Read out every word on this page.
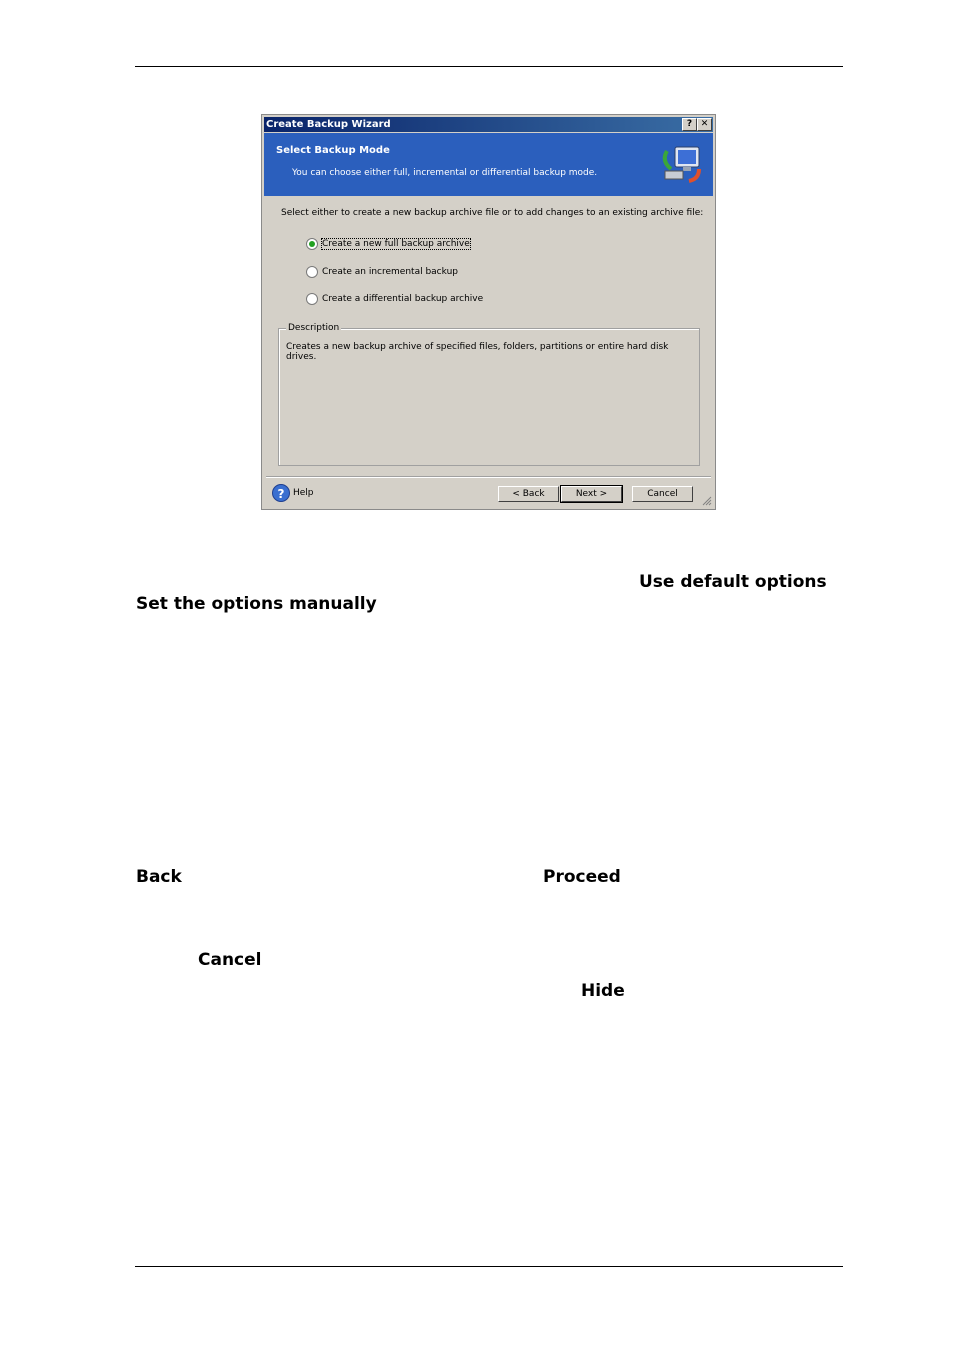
Create Backup Wizard	? ✕
Select Backup Mode
You can choose either full, incremental or differential backup mode.
Select either to create a new backup archive file or to add changes to an existing archive file:
Create a new full backup archive
Create an incremental backup
Create a differential backup archive
Description
Creates a new backup archive of specified files, folders, partitions or entire hard disk drives.
? Help	< Back	Next >	Cancel
Use default options
Set the options manually
Back	Proceed
Cancel
Hide
